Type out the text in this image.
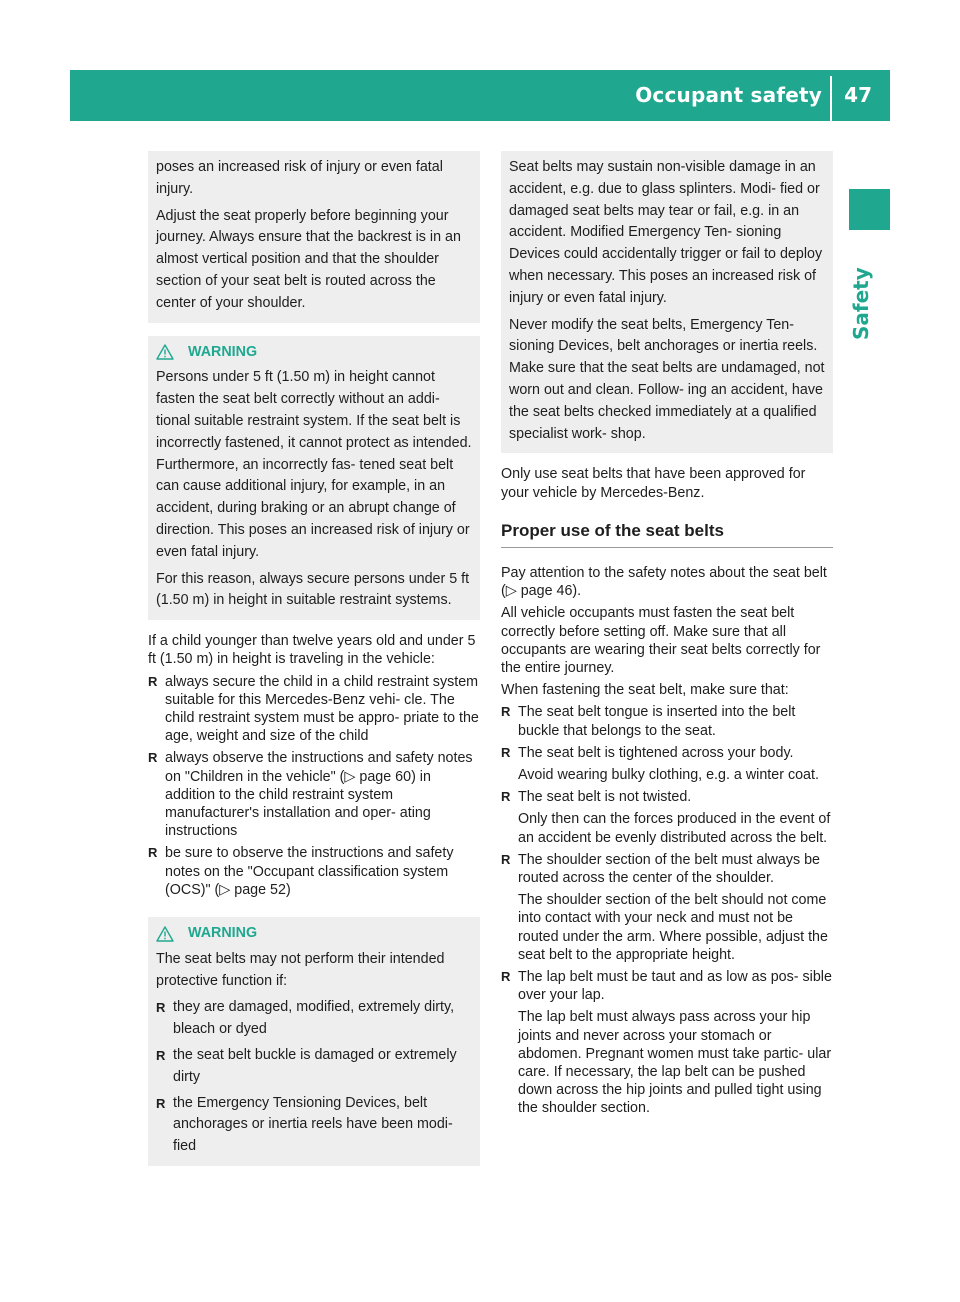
Occupant safety 47
Safety

poses an increased risk of injury or even fatal injury.

Adjust the seat properly before beginning your journey. Always ensure that the backrest is in an almost vertical position and that the shoulder section of your seat belt is routed across the center of your shoulder.

WARNING

Persons under 5 ft (1.50 m) in height cannot fasten the seat belt correctly without an addi- tional suitable restraint system. If the seat belt is incorrectly fastened, it cannot protect as intended. Furthermore, an incorrectly fas- tened seat belt can cause additional injury, for example, in an accident, during braking or an abrupt change of direction. This poses an increased risk of injury or even fatal injury.

For this reason, always secure persons under 5 ft (1.50 m) in height in suitable restraint systems.

If a child younger than twelve years old and under 5 ft (1.50 m) in height is traveling in the vehicle:

R always secure the child in a child restraint system suitable for this Mercedes-Benz vehi- cle. The child restraint system must be appro- priate to the age, weight and size of the child
R always observe the instructions and safety notes on "Children in the vehicle" (▷ page 60) in addition to the child restraint system manufacturer's installation and oper- ating instructions
R be sure to observe the instructions and safety notes on the "Occupant classification system (OCS)" (▷ page 52)
WARNING

The seat belts may not perform their intended protective function if:

R they are damaged, modified, extremely dirty, bleach or dyed
R the seat belt buckle is damaged or extremely dirty
R the Emergency Tensioning Devices, belt anchorages or inertia reels have been modi- fied

Seat belts may sustain non-visible damage in an accident, e.g. due to glass splinters. Modi- fied or damaged seat belts may tear or fail, e.g. in an accident. Modified Emergency Ten- sioning Devices could accidentally trigger or fail to deploy when necessary. This poses an increased risk of injury or even fatal injury.

Never modify the seat belts, Emergency Ten- sioning Devices, belt anchorages or inertia reels. Make sure that the seat belts are undamaged, not worn out and clean. Follow- ing an accident, have the seat belts checked immediately at a qualified specialist work- shop.

Only use seat belts that have been approved for your vehicle by Mercedes-Benz.

Proper use of the seat belts

Pay attention to the safety notes about the seat belt (▷ page 46).

All vehicle occupants must fasten the seat belt correctly before setting off. Make sure that all occupants are wearing their seat belts correctly for the entire journey.

When fastening the seat belt, make sure that:

R The seat belt tongue is inserted into the belt buckle that belongs to the seat.
R The seat belt is tightened across your body.
Avoid wearing bulky clothing, e.g. a winter coat.
R The seat belt is not twisted.
Only then can the forces produced in the event of an accident be evenly distributed across the belt.
R The shoulder section of the belt must always be routed across the center of the shoulder.
The shoulder section of the belt should not come into contact with your neck and must not be routed under the arm. Where possible, adjust the seat belt to the appropriate height.
R The lap belt must be taut and as low as pos- sible over your lap.
The lap belt must always pass across your hip joints and never across your stomach or abdomen. Pregnant women must take partic- ular care. If necessary, the lap belt can be pushed down across the hip joints and pulled tight using the shoulder section.
